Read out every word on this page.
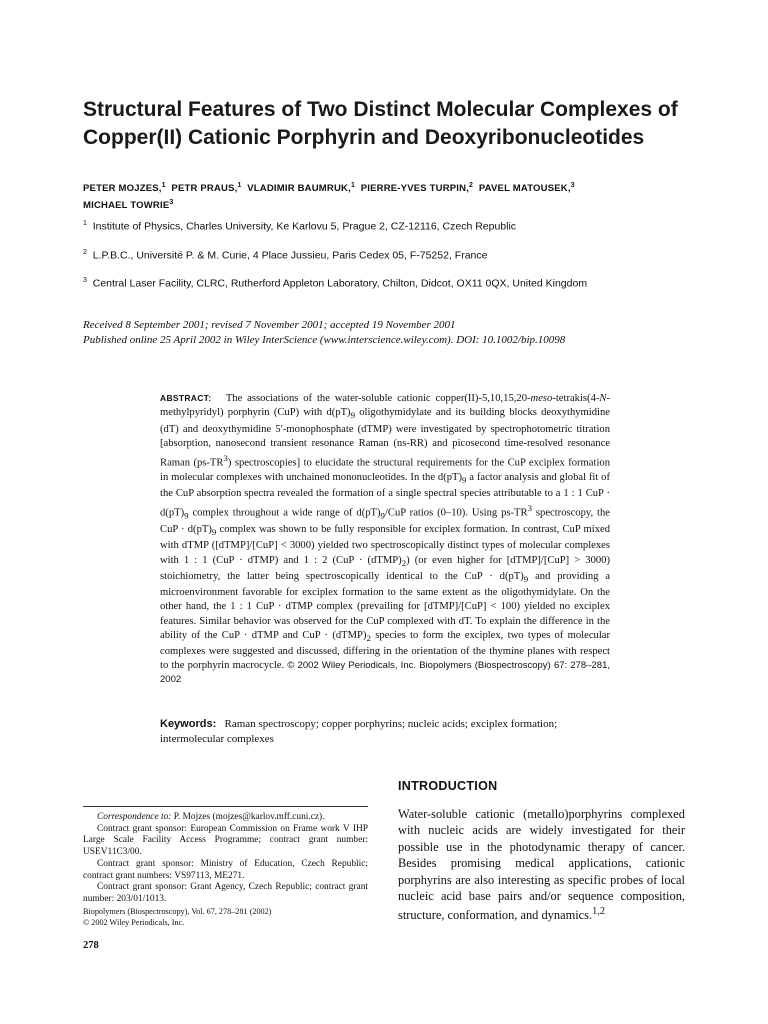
Structural Features of Two Distinct Molecular Complexes of Copper(II) Cationic Porphyrin and Deoxyribonucleotides
PETER MOJZES,$^1$ PETR PRAUS,$^1$ VLADIMIR BAUMRUK,$^1$ PIERRE-YVES TURPIN,$^2$ PAVEL MATOUSEK,$^3$
MICHAEL TOWRIE$^3$
$^1$ Institute of Physics, Charles University, Ke Karlovu 5, Prague 2, CZ-12116, Czech Republic
$^2$ L.P.B.C., Université P. & M. Curie, 4 Place Jussieu, Paris Cedex 05, F-75252, France
$^3$ Central Laser Facility, CLRC, Rutherford Appleton Laboratory, Chilton, Didcot, OX11 0QX, United Kingdom
Received 8 September 2001; revised 7 November 2001; accepted 19 November 2001
Published online 25 April 2002 in Wiley InterScience (www.interscience.wiley.com). DOI: 10.1002/bip.10098
ABSTRACT: The associations of the water-soluble cationic copper(II)-5,10,15,20-meso-tetrakis(4-N-methylpyridyl) porphyrin (CuP) with $d(pT)_9$ oligothymidylate and its building blocks deoxythymidine (dT) and deoxythymidine 5′-monophosphate (dTMP) were investigated by spectrophotometric titration [absorption, nanosecond transient resonance Raman (ns-RR) and picosecond time-resolved resonance Raman $(ps-TR^3)$ spectroscopies] to elucidate the structural requirements for the CuP exciplex formation in molecular complexes with unchained mononucleotides. In the $d(pT)_9$ a factor analysis and global fit of the CuP absorption spectra revealed the formation of a single spectral species attributable to a 1 : 1 CuP · $d(pT)_9$ complex throughout a wide range of $d(pT)_9$/CuP ratios (0–10). Using $ps-TR^3$ spectroscopy, the CuP · $d(pT)_9$ complex was shown to be fully responsible for exciplex formation. In contrast, CuP mixed with dTMP ([dTMP]/[CuP] < 3000) yielded two spectroscopically distinct types of molecular complexes with 1 : 1 (CuP · dTMP) and 1 : 2 $(CuP \cdot (dTMP)_2)$ (or even higher for [dTMP]/[CuP] > 3000) stoichiometry, the latter being spectroscopically identical to the CuP · $d(pT)_9$ and providing a microenvironment favorable for exciplex formation to the same extent as the oligothymidylate. On the other hand, the 1 : 1 CuP · dTMP complex (prevailing for [dTMP]/[CuP] < 100) yielded no exciplex features. Similar behavior was observed for the CuP complexed with dT. To explain the difference in the ability of the CuP · dTMP and CuP · $(dTMP)_2$ species to form the exciplex, two types of molecular complexes were suggested and discussed, differing in the orientation of the thymine planes with respect to the porphyrin macrocycle. © 2002 Wiley Periodicals, Inc. Biopolymers (Biospectroscopy) 67: 278–281, 2002
Keywords: Raman spectroscopy; copper porphyrins; nucleic acids; exciplex formation; intermolecular complexes
INTRODUCTION
Water-soluble cationic (metallo)porphyrins complexed with nucleic acids are widely investigated for their possible use in the photodynamic therapy of cancer. Besides promising medical applications, cationic porphyrins are also interesting as specific probes of local nucleic acid base pairs and/or sequence composition, structure, conformation, and dynamics.$^{1,2}$

Correspondence to: P. Mojzes (mojzes@karlov.mff.cuni.cz).

Contract grant sponsor: European Commission on Frame work V IHP Large Scale Facility Access Programme; contract grant number: USEV11C3/00.

Contract grant sponsor: Ministry of Education, Czech Republic; contract grant numbers: VS97113, ME271.

Contract grant sponsor: Grant Agency, Czech Republic; contract grant number: 203/01/1013.

Biopolymers (Biospectroscopy), Vol. 67, 278–281 (2002)

© 2002 Wiley Periodicals, Inc.

278
